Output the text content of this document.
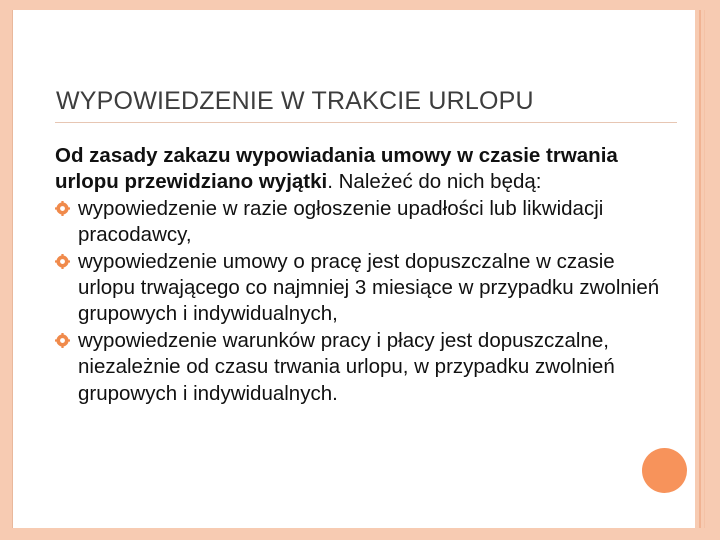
WYPOWIEDZENIE W TRAKCIE URLOPU

Od zasady zakazu wypowiadania umowy w czasie trwania urlopu przewidziano wyjątki. Należeć do nich będą:

wypowiedzenie w razie ogłoszenie upadłości lub likwidacji pracodawcy,
wypowiedzenie umowy o pracę jest dopuszczalne w czasie urlopu trwającego co najmniej 3 miesiące w przypadku zwolnień grupowych i indywidualnych,
wypowiedzenie warunków pracy i płacy jest dopuszczalne, niezależnie od czasu trwania urlopu, w przypadku zwolnień grupowych i indywidualnych.
